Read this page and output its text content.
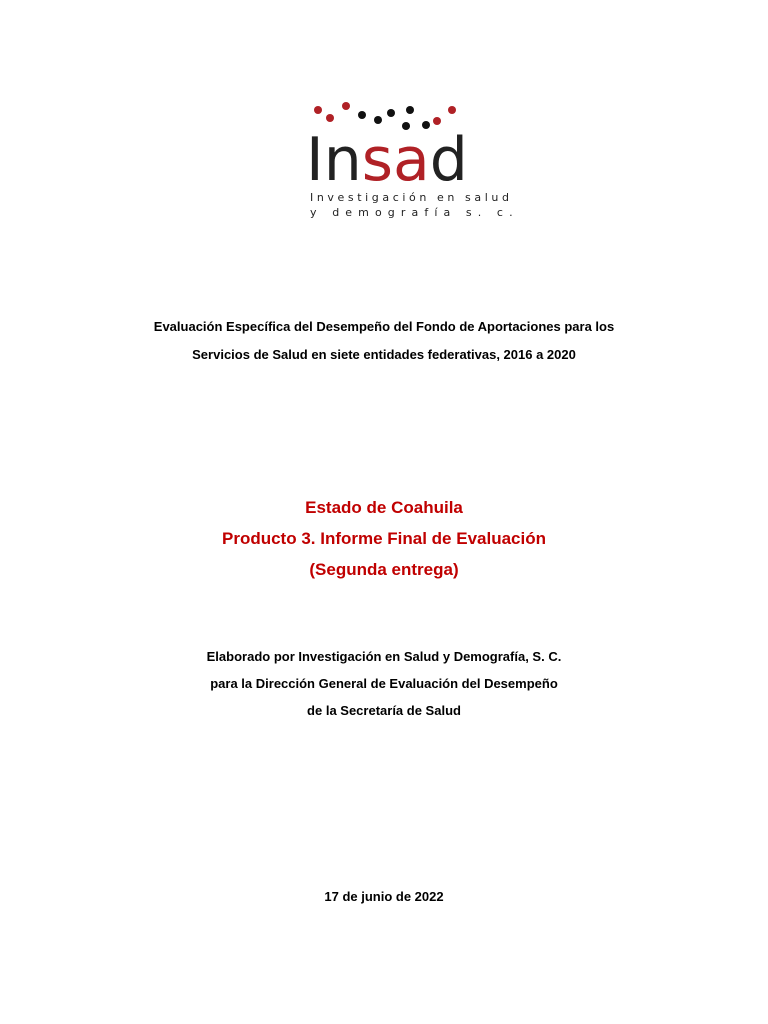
Insad
Investigación en salud
y demografía s. c.
Evaluación Específica del Desempeño del Fondo de Aportaciones para los
Servicios de Salud en siete entidades federativas, 2016 a 2020
Estado de Coahuila
Producto 3. Informe Final de Evaluación
(Segunda entrega)
Elaborado por Investigación en Salud y Demografía, S. C.
para la Dirección General de Evaluación del Desempeño
de la Secretaría de Salud
17 de junio de 2022
